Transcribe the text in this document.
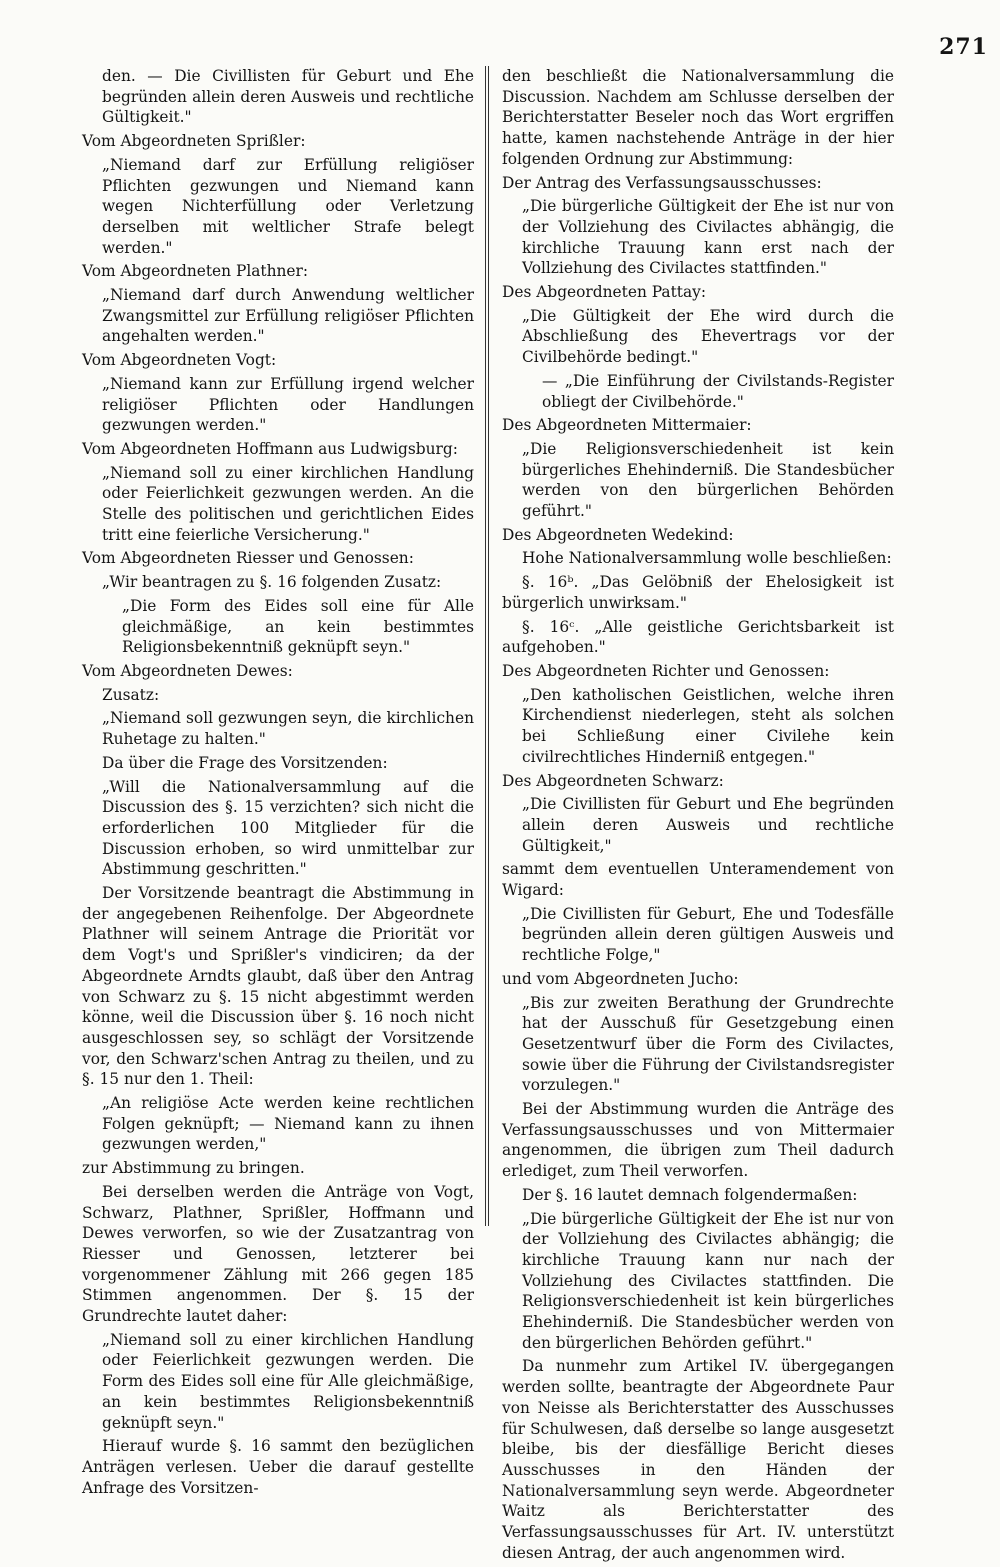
271

den. — Die Civillisten für Geburt und Ehe begründen allein deren Ausweis und rechtliche Gültigkeit."

Vom Abgeordneten Sprißler:

„Niemand darf zur Erfüllung religiöser Pflichten gezwungen und Niemand kann wegen Nichterfüllung oder Verletzung derselben mit weltlicher Strafe belegt werden."

Vom Abgeordneten Plathner:

„Niemand darf durch Anwendung weltlicher Zwangsmittel zur Erfüllung religiöser Pflichten angehalten werden."

Vom Abgeordneten Vogt:

„Niemand kann zur Erfüllung irgend welcher religiöser Pflichten oder Handlungen gezwungen werden."

Vom Abgeordneten Hoffmann aus Ludwigsburg:

„Niemand soll zu einer kirchlichen Handlung oder Feierlichkeit gezwungen werden. An die Stelle des politischen und gerichtlichen Eides tritt eine feierliche Versicherung."

Vom Abgeordneten Riesser und Genossen:

„Wir beantragen zu §. 16 folgenden Zusatz:

„Die Form des Eides soll eine für Alle gleichmäßige, an kein bestimmtes Religionsbekenntniß geknüpft seyn."

Vom Abgeordneten Dewes:

Zusatz:

„Niemand soll gezwungen seyn, die kirchlichen Ruhetage zu halten."

Da über die Frage des Vorsitzenden:

„Will die Nationalversammlung auf die Discussion des §. 15 verzichten? sich nicht die erforderlichen 100 Mitglieder für die Discussion erhoben, so wird unmittelbar zur Abstimmung geschritten."

Der Vorsitzende beantragt die Abstimmung in der angegebenen Reihenfolge. Der Abgeordnete Plathner will seinem Antrage die Priorität vor dem Vogt's und Sprißler's vindiciren; da der Abgeordnete Arndts glaubt, daß über den Antrag von Schwarz zu §. 15 nicht abgestimmt werden könne, weil die Discussion über §. 16 noch nicht ausgeschlossen sey, so schlägt der Vorsitzende vor, den Schwarz'schen Antrag zu theilen, und zu §. 15 nur den 1. Theil:

„An religiöse Acte werden keine rechtlichen Folgen geknüpft; — Niemand kann zu ihnen gezwungen werden,"

zur Abstimmung zu bringen.

Bei derselben werden die Anträge von Vogt, Schwarz, Plathner, Sprißler, Hoffmann und Dewes verworfen, so wie der Zusatzantrag von Riesser und Genossen, letzterer bei vorgenommener Zählung mit 266 gegen 185 Stimmen angenommen. Der §. 15 der Grundrechte lautet daher:

„Niemand soll zu einer kirchlichen Handlung oder Feierlichkeit gezwungen werden. Die Form des Eides soll eine für Alle gleichmäßige, an kein bestimmtes Religionsbekenntniß geknüpft seyn."

Hierauf wurde §. 16 sammt den bezüglichen Anträgen verlesen. Ueber die darauf gestellte Anfrage des Vorsitzen-

den beschließt die Nationalversammlung die Discussion. Nachdem am Schlusse derselben der Berichterstatter Beseler noch das Wort ergriffen hatte, kamen nachstehende Anträge in der hier folgenden Ordnung zur Abstimmung:

Der Antrag des Verfassungsausschusses:

„Die bürgerliche Gültigkeit der Ehe ist nur von der Vollziehung des Civilactes abhängig, die kirchliche Trauung kann erst nach der Vollziehung des Civilactes stattfinden."

Des Abgeordneten Pattay:

„Die Gültigkeit der Ehe wird durch die Abschließung des Ehevertrags vor der Civilbehörde bedingt."

— „Die Einführung der Civilstands-Register obliegt der Civilbehörde."

Des Abgeordneten Mittermaier:

„Die Religionsverschiedenheit ist kein bürgerliches Ehehinderniß. Die Standesbücher werden von den bürgerlichen Behörden geführt."

Des Abgeordneten Wedekind:

Hohe Nationalversammlung wolle beschließen:

§. 16ᵇ. „Das Gelöbniß der Ehelosigkeit ist bürgerlich unwirksam."

§. 16ᶜ. „Alle geistliche Gerichtsbarkeit ist aufgehoben."

Des Abgeordneten Richter und Genossen:

„Den katholischen Geistlichen, welche ihren Kirchendienst niederlegen, steht als solchen bei Schließung einer Civilehe kein civilrechtliches Hinderniß entgegen."

Des Abgeordneten Schwarz:

„Die Civillisten für Geburt und Ehe begründen allein deren Ausweis und rechtliche Gültigkeit,"

sammt dem eventuellen Unteramendement von Wigard:

„Die Civillisten für Geburt, Ehe und Todesfälle begründen allein deren gültigen Ausweis und rechtliche Folge,"

und vom Abgeordneten Jucho:

„Bis zur zweiten Berathung der Grundrechte hat der Ausschuß für Gesetzgebung einen Gesetzentwurf über die Form des Civilactes, sowie über die Führung der Civilstandsregister vorzulegen."

Bei der Abstimmung wurden die Anträge des Verfassungsausschusses und von Mittermaier angenommen, die übrigen zum Theil dadurch erlediget, zum Theil verworfen.

Der §. 16 lautet demnach folgendermaßen:

„Die bürgerliche Gültigkeit der Ehe ist nur von der Vollziehung des Civilactes abhängig; die kirchliche Trauung kann nur nach der Vollziehung des Civilactes stattfinden. Die Religionsverschiedenheit ist kein bürgerliches Ehehinderniß. Die Standesbücher werden von den bürgerlichen Behörden geführt."

Da nunmehr zum Artikel IV. übergegangen werden sollte, beantragte der Abgeordnete Paur von Neisse als Berichterstatter des Ausschusses für Schulwesen, daß derselbe so lange ausgesetzt bleibe, bis der diesfällige Bericht dieses Ausschusses in den Händen der Nationalversammlung seyn werde. Abgeordneter Waitz als Berichterstatter des Verfassungsausschusses für Art. IV. unterstützt diesen Antrag, der auch angenommen wird.
